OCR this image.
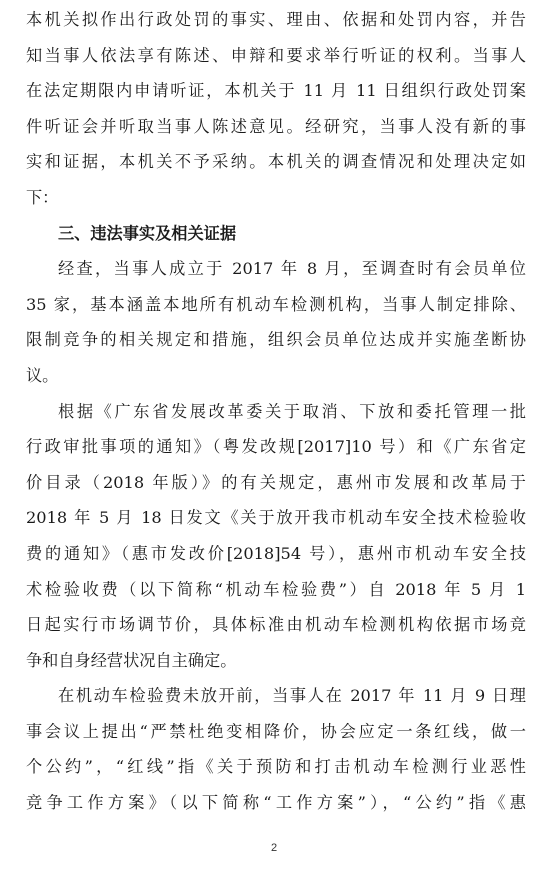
本机关拟作出行政处罚的事实、理由、依据和处罚内容，并告
知当事人依法享有陈述、申辩和要求举行听证的权利。当事人
在法定期限内申请听证，本机关于 11 月 11 日组织行政处罚案
件听证会并听取当事人陈述意见。经研究，当事人没有新的事
实和证据，本机关不予采纳。本机关的调查情况和处理决定如
下：
三、违法事实及相关证据
经查，当事人成立于 2017 年 8 月，至调查时有会员单位
35 家，基本涵盖本地所有机动车检测机构，当事人制定排除、
限制竞争的相关规定和措施，组织会员单位达成并实施垄断协
议。
根据《广东省发展改革委关于取消、下放和委托管理一批
行政审批事项的通知》（粤发改规[2017]10 号）和《广东省定
价目录（2018 年版）》的有关规定，惠州市发展和改革局于
2018 年 5 月 18 日发文《关于放开我市机动车安全技术检验收
费的通知》（惠市发改价[2018]54 号），惠州市机动车安全技
术检验收费（以下简称“机动车检验费”）自 2018 年 5 月 1
日起实行市场调节价，具体标准由机动车检测机构依据市场竞
争和自身经营状况自主确定。
在机动车检验费未放开前，当事人在 2017 年 11 月 9 日理
事会议上提出“严禁杜绝变相降价，协会应定一条红线，做一
个公约”，“红线”指《关于预防和打击机动车检测行业恶性
竞争工作方案》（以下简称“工作方案”），“公约”指《惠
2
